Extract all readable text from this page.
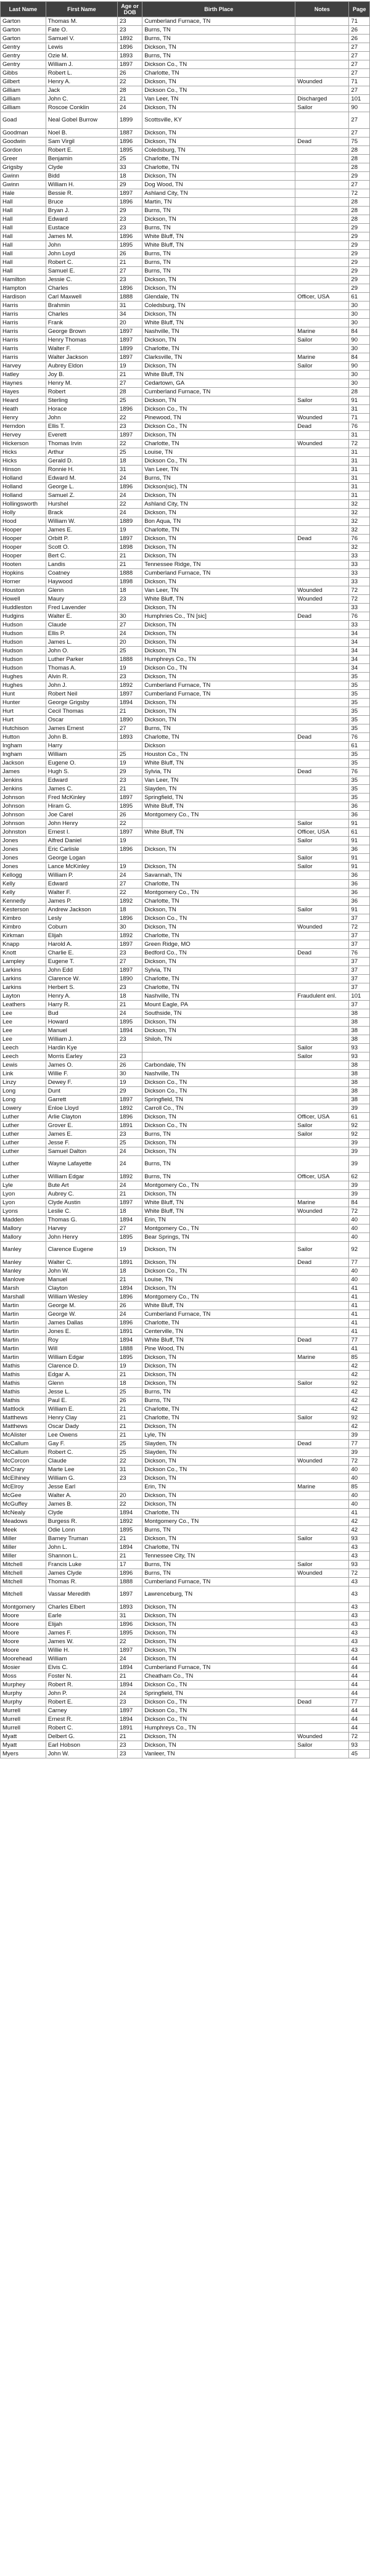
Last Name	First Name	Age or DOB	Birth Place	Notes	Page
Garton	Thomas M.	23	Cumberland Furnace, TN		71
Garton	Fate O.	23	Burns, TN		26
Garton	Samuel V.	1892	Burns, TN		26
Gentry	Lewis	1896	Dickson, TN		27
Gentry	Ozie M.	1893	Burns, TN		27
Gentry	William J.	1897	Dickson Co., TN		27
Gibbs	Robert L.	26	Charlotte, TN		27
Gilbert	Henry A.	22	Dickson, TN	Wounded	71
Gilliam	Jack	28	Dickson Co., TN		27
Gilliam	John C.	21	Van Leer, TN	Discharged	101
Gilliam	Roscoe Conklin	24	Dickson, TN	Sailor	90
Goad	Neal Gobel Burrow	1899	Scottsville, KY		27
Goodman	Noel B.	1887	Dickson, TN		27
Goodwin	Sam Virgil	1896	Dickson, TN	Dead	75
Gordon	Robert E.	1895	Coledsburg, TN		28
Greer	Benjamin	25	Charlotte, TN		28
Grigsby	Clyde	33	Charlotte, TN		28
Gwinn	Bidd	18	Dickson, TN		29
Gwinn	William H.	29	Dog Wood, TN		27
Hale	Bessie R.	1897	Ashland City, TN		72
Hall	Bruce	1896	Martin, TN		28
Hall	Bryan J.	29	Burns, TN		28
Hall	Edward	23	Dickson, TN		28
Hall	Eustace	23	Burns, TN		29
Hall	James M.	1896	White Bluff, TN		29
Hall	John	1895	White Bluff, TN		29
Hall	John Loyd	26	Burns, TN		29
Hall	Robert C.	21	Burns, TN		29
Hall	Samuel E.	27	Burns, TN		29
Hamilton	Jessie C.	23	Dickson, TN		29
Hampton	Charles	1896	Dickson, TN		29
Hardison	Carl Maxwell	1888	Glendale, TN	Officer, USA	61
Harris	Brahmin	31	Coledsburg, TN		30
Harris	Charles	34	Dickson, TN		30
Harris	Frank	20	White Bluff, TN		30
Harris	George Brown	1897	Nashville, TN	Marine	84
Harris	Henry Thomas	1897	Dickson, TN	Sailor	90
Harris	Walter F.	1899	Charlotte, TN		30
Harris	Walter Jackson	1897	Clarksville, TN	Marine	84
Harvey	Aubrey Eldon	19	Dickson, TN	Sailor	90
Hatley	Joy B.	21	White Bluff, TN		30
Haynes	Henry M.	27	Cedartown, GA		30
Hayes	Robert	28	Cumberland Furnace, TN		28
Heard	Sterling	25	Dickson, TN	Sailor	91
Heath	Horace	1896	Dickson Co., TN		31
Henry	John	22	Pinewood, TN	Wounded	71
Herndon	Ellis T.	23	Dickson Co., TN	Dead	76
Hervey	Everett	1897	Dickson, TN		31
Hickerson	Thomas Irvin	22	Charlotte, TN	Wounded	72
Hicks	Arthur	25	Louise, TN		31
Hicks	Gerald D.	18	Dickson Co., TN		31
Hinson	Ronnie H.	31	Van Leer, TN		31
Holland	Edward M.	24	Burns, TN		31
Holland	George L.	1896	Dickson(sic), TN		31
Holland	Samuel Z.	24	Dickson, TN		31
Hollingsworth	Hurshel	22	Ashland City, TN		32
Holly	Brack	24	Dickson, TN		32
Hood	William W.	1889	Bon Aqua, TN		32
Hooper	James E.	19	Charlotte, TN		32
Hooper	Orbitt P.	1897	Dickson, TN	Dead	76
Hooper	Scott O.	1898	Dickson, TN		32
Hooper	Bert C.	21	Dickson, TN		33
Hooten	Landis	21	Tennessee Ridge, TN		33
Hopkins	Coatney	1888	Cumberland Furnace, TN		33
Horner	Haywood	1898	Dickson, TN		33
Houston	Glenn	18	Van Leer, TN	Wounded	72
Howell	Maury	23	White Bluff, TN	Wounded	72
Huddleston	Fred Lavender		Dickson, TN		33
Hudgins	Walter E.	30	Humphries Co., TN [sic]	Dead	76
Hudson	Claude	27	Dickson, TN		33
Hudson	Ellis P.	24	Dickson, TN		34
Hudson	James L.	20	Dickson, TN		34
Hudson	John O.	25	Dickson, TN		34
Hudson	Luther Parker	1888	Humphreys Co., TN		34
Hudson	Thomas A.	19	Dickson Co., TN		34
Hughes	Alvin R.	23	Dickson, TN		35
Hughes	John J.	1892	Cumberland Furnace, TN		35
Hunt	Robert Neil	1897	Cumberland Furnace, TN		35
Hunter	George Grigsby	1894	Dickson, TN		35
Hurt	Cecil Thomas	21	Dickson, TN		35
Hurt	Oscar	1890	Dickson, TN		35
Hutchison	James Ernest	27	Burns, TN		35
Hutton	John B.	1893	Charlotte, TN	Dead	76
Ingham	Harry		Dickson		61
Ingham	William	25	Houston Co., TN		35
Jackson	Eugene O.	19	White Bluff, TN		35
James	Hugh S.	29	Sylvia, TN	Dead	76
Jenkins	Edward	23	Van Leer, TN		35
Jenkins	James C.	21	Slayden, TN		35
Johnson	Fred McKinley	1897	Springfield, TN		35
Johnson	Hiram G.	1895	White Bluff, TN		36
Johnson	Joe Carel	26	Montgomery Co., TN		36
Johnson	John Henry	22		Sailor	91
Johnston	Ernest I.	1897	White Bluff, TN	Officer, USA	61
Jones	Alfred Daniel	19		Sailor	91
Jones	Eric Carlisle	1896	Dickson, TN		36
Jones	George Logan			Sailor	91
Jones	Lance McKinley	19	Dickson, TN	Sailor	91
Kellogg	William P.	24	Savannah, TN		36
Kelly	Edward	27	Charlotte, TN		36
Kelly	Walter F.	22	Montgomery Co., TN		36
Kennedy	James P.	1892	Charlotte, TN		36
Kesterson	Andrew Jackson	18	Dickson, TN	Sailor	91
Kimbro	Lesly	1896	Dickson Co., TN		37
Kimbro	Coburn	30	Dickson, TN	Wounded	72
Kirkman	Elijah	1892	Charlotte, TN		37
Knapp	Harold A.	1897	Green Ridge, MO		37
Knott	Charlie E.	23	Bedford Co., TN	Dead	76
Lampley	Eugene T.	27	Dickson, TN		37
Larkins	John Edd	1897	Sylvia, TN		37
Larkins	Clarence W.	1890	Charlotte, TN		37
Larkins	Herbert S.	23	Charlotte, TN		37
Layton	Henry A.	18	Nashville, TN	Fraudulent enl.	101
Leathers	Harry R.	21	Mount Eagle, PA		37
Lee	Bud	24	Southside, TN		38
Lee	Howard	1895	Dickson, TN		38
Lee	Manuel	1894	Dickson, TN		38
Lee	William J.	23	Shiloh, TN		38
Leech	Hardin Kye			Sailor	93
Leech	Morris Earley	23		Sailor	93
Lewis	James O.	26	Carbondale, TN		38
Link	Willie F.	30	Nashville, TN		38
Linzy	Dewey F.	19	Dickson Co., TN		38
Long	Dunt	29	Dickson Co., TN		38
Long	Garrett	1897	Springfield, TN		38
Lowery	Enloe Lloyd	1892	Carroll Co., TN		39
Luther	Arlie Clayton	1896	Dickson, TN	Officer, USA	61
Luther	Grover E.	1891	Dickson Co., TN	Sailor	92
Luther	James E.	23	Burns, TN	Sailor	92
Luther	Jesse F.	25	Dickson, TN		39
Luther	Samuel Dalton	24	Dickson, TN		39
Luther	Wayne Lafayette	24	Burns, TN		39
Luther	William Edgar	1892	Burns, TN	Officer, USA	62
Lyle	Bute Art	24	Montgomery Co., TN		39
Lyon	Aubrey C.	21	Dickson, TN		39
Lyon	Clyde Austin	1897	White Bluff, TN	Marine	84
Lyons	Leslie C.	18	White Bluff, TN	Wounded	72
Madden	Thomas G.	1894	Erin, TN		40
Mallory	Harvey	27	Montgomery Co., TN		40
Mallory	John Henry	1895	Bear Springs, TN		40
Manley	Clarence Eugene	19	Dickson, TN	Sailor	92
Manley	Walter C.	1891	Dickson, TN	Dead	77
Manley	John W.	18	Dickson Co., TN		40
Manlove	Manuel	21	Louise, TN		40
Marsh	Clayton	1894	Dickson, TN		41
Marshall	William Wesley	1896	Montgomery Co., TN		41
Martin	George M.	26	White Bluff, TN		41
Martin	George W.	24	Cumberland Furnace, TN		41
Martin	James Dallas	1896	Charlotte, TN		41
Martin	Jones E.	1891	Centerville, TN		41
Martin	Roy	1894	White Bluff, TN	Dead	77
Martin	Will	1888	Pine Wood, TN		41
Martin	William Edgar	1895	Dickson, TN	Marine	85
Mathis	Clarence D.	19	Dickson, TN		42
Mathis	Edgar A.	21	Dickson, TN		42
Mathis	Glenn	18	Dickson, TN	Sailor	92
Mathis	Jesse L.	25	Burns, TN		42
Mathis	Paul E.	26	Burns, TN		42
Mattlock	William E.	21	Charlotte, TN		42
Matthews	Henry Clay	21	Charlotte, TN	Sailor	92
Matthews	Oscar Dady	21	Dickson, TN		42
McAlister	Lee Owens	21	Lyle, TN		39
McCallum	Gay F.	25	Slayden, TN	Dead	77
McCallum	Robert C.	25	Slayden, TN		39
McCorcon	Claude	22	Dickson, TN	Wounded	72
McCrary	Marte Lee	31	Dickson Co., TN		40
McElhiney	William G.	23	Dickson, TN		40
McElroy	Jesse Earl		Erin, TN	Marine	85
McGee	Walter A.	20	Dickson, TN		40
McGuffey	James B.	22	Dickson, TN		40
McNealy	Clyde	1894	Charlotte, TN		41
Meadows	Burgess R.	1892	Montgomery Co., TN		42
Meek	Odie Lonn	1895	Burns, TN		42
Miller	Barney Truman	21	Dickson, TN	Sailor	93
Miller	John L.	1894	Charlotte, TN		43
Miller	Shannon L.	21	Tennessee City, TN		43
Mitchell	Francis Luke	17	Burns, TN	Sailor	93
Mitchell	James Clyde	1896	Burns, TN	Wounded	72
Mitchell	Thomas R.	1888	Cumberland Furnace, TN		43
Mitchell	Vassar Meredith	1897	Lawrenceburg, TN		43
Montgomery	Charles Elbert	1893	Dickson, TN		43
Moore	Earle	31	Dickson, TN		43
Moore	Elijah	1896	Dickson, TN		43
Moore	James F.	1895	Dickson, TN		43
Moore	James W.	22	Dickson, TN		43
Moore	Willie H.	1897	Dickson, TN		43
Moorehead	William	24	Dickson, TN		44
Mosier	Elvis C.	1894	Cumberland Furnace, TN		44
Moss	Foster N.	21	Cheatham Co., TN		44
Murphey	Robert R.	1894	Dickson Co., TN		44
Murphy	John P.	24	Springfield, TN		44
Murphy	Robert E.	23	Dickson Co., TN	Dead	77
Murrell	Carney	1897	Dickson Co., TN		44
Murrell	Ernest R.	1894	Dickson Co., TN		44
Murrell	Robert C.	1891	Humphreys Co., TN		44
Myatt	Delbert G.	21	Dickson, TN	Wounded	72
Myatt	Earl Hobson	23	Dickson, TN	Sailor	93
Myers	John W.	23	Vanleer, TN		45
